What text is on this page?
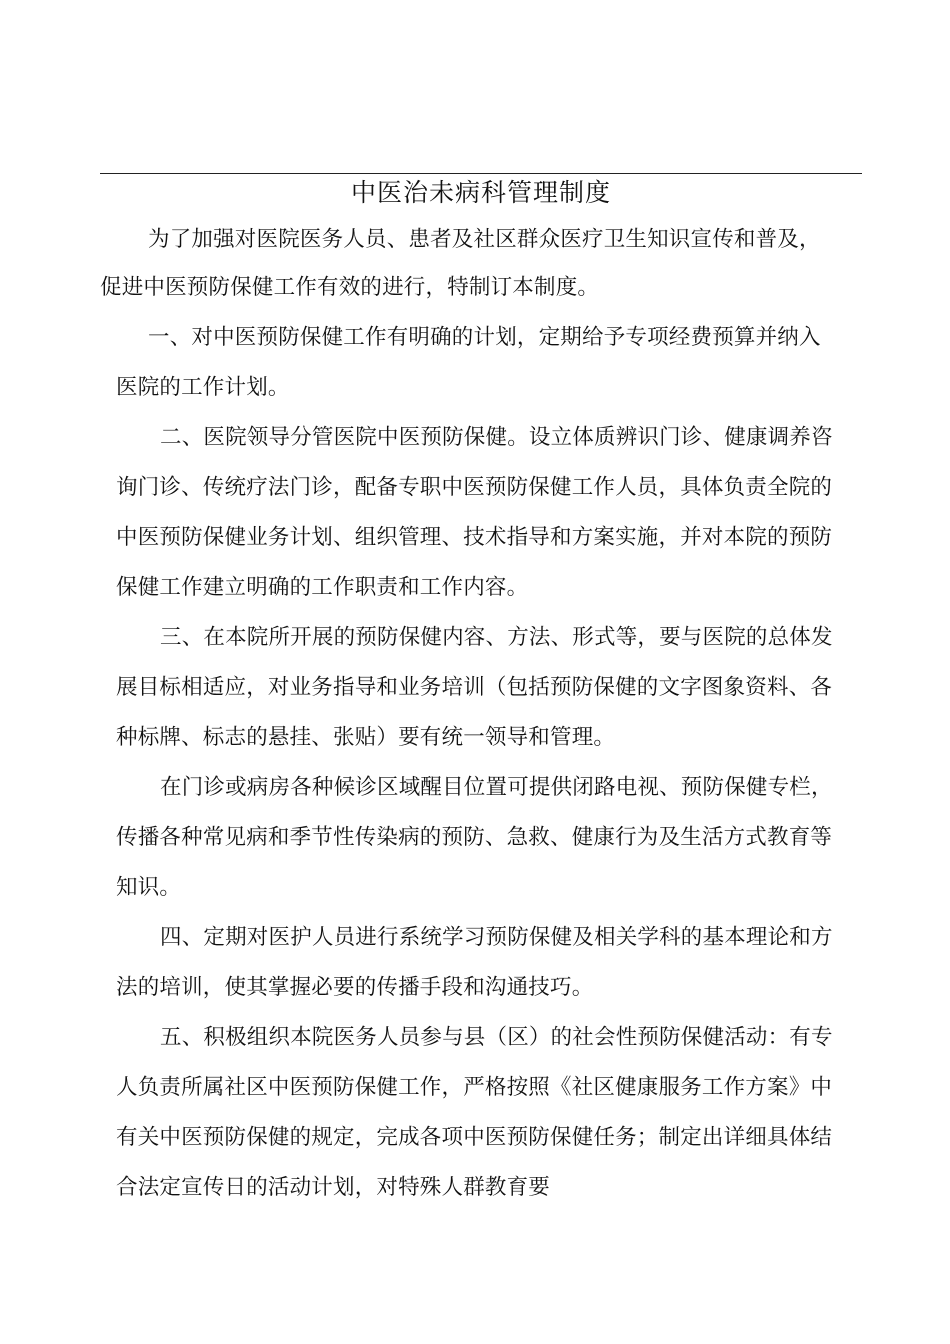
中医治未病科管理制度
为了加强对医院医务人员、患者及社区群众医疗卫生知识宣传和普及，
促进中医预防保健工作有效的进行，特制订本制度。
一、对中医预防保健工作有明确的计划，定期给予专项经费预算并纳入
医院的工作计划。
二、医院领导分管医院中医预防保健。设立体质辨识门诊、健康调养咨
询门诊、传统疗法门诊，配备专职中医预防保健工作人员，具体负责全院的
中医预防保健业务计划、组织管理、技术指导和方案实施，并对本院的预防
保健工作建立明确的工作职责和工作内容。
三、在本院所开展的预防保健内容、方法、形式等，要与医院的总体发
展目标相适应，对业务指导和业务培训（包括预防保健的文字图象资料、各
种标牌、标志的悬挂、张贴）要有统一领导和管理。
在门诊或病房各种候诊区域醒目位置可提供闭路电视、预防保健专栏，
传播各种常见病和季节性传染病的预防、急救、健康行为及生活方式教育等
知识。
四、定期对医护人员进行系统学习预防保健及相关学科的基本理论和方
法的培训，使其掌握必要的传播手段和沟通技巧。
五、积极组织本院医务人员参与县（区）的社会性预防保健活动：有专
人负责所属社区中医预防保健工作，严格按照《社区健康服务工作方案》中
有关中医预防保健的规定，完成各项中医预防保健任务；制定出详细具体结
合法定宣传日的活动计划，对特殊人群教育要
